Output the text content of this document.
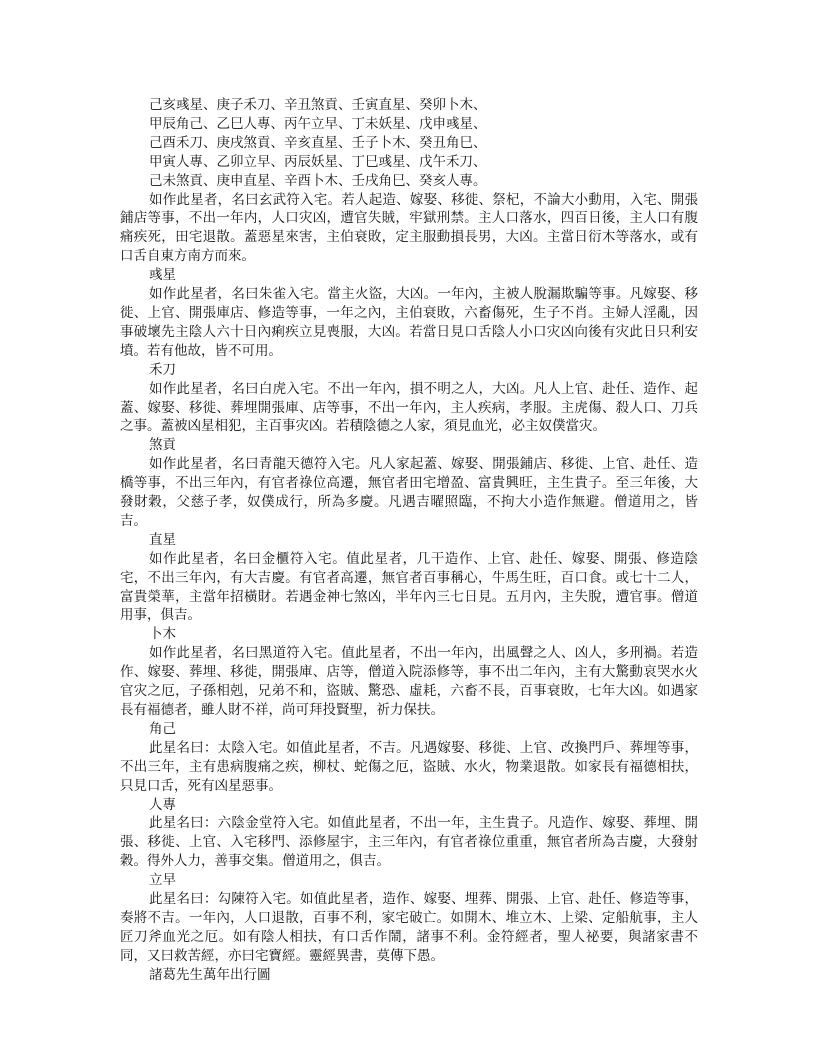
己亥彧星、庚子禾刀、辛丑煞貢、壬寅直星、癸卯卜木、

甲辰角己、乙巳人專、丙午立早、丁未妖星、戊申彧星、

己酉禾刀、庚戌煞貢、辛亥直星、壬子卜木、癸丑角巳、

甲寅人專、乙卯立早、丙辰妖星、丁巳彧星、戊午禾刀、

己未煞貢、庚申直星、辛酉卜木、壬戌角巳、癸亥人專。

如作此星者，名曰玄武符入宅。若人起造、嫁娶、移徙、祭杞，不論大小動用，入宅、開張鋪店等事，不出一年内，人口灾凶，遭官失賊，牢獄刑禁。主人口落水，四百日後，主人口有腹痛疾死，田宅退散。蓋惡星來害，主伯衰敗，定主服動損長男，大凶。主當日衍木等落水，或有口舌自東方南方而來。

彧星

如作此星者，名曰朱雀入宅。當主火盜，大凶。一年內，主被人脫漏欺騙等事。凡嫁娶、移徙、上官、開張庫店、修造等事，一年之內，主伯衰敗，六畜傷死，生子不肖。主婦人淫亂，因事破壞先主陰人六十日內痢疾立見喪服，大凶。若當日見口舌陰人小口灾凶向後有灾此日只利安墳。若有他故，皆不可用。

禾刀

如作此星者，名曰白虎入宅。不出一年內，損不明之人，大凶。凡人上官、赴任、造作、起蓋、嫁娶、移徙、葬埋開張庫、店等事，不出一年內，主人疾病，孝服。主虎傷、殺人口、刀兵之事。蓋被凶星相犯，主百事灾凶。若積陰德之人家，須見血光，必主奴僕當灾。

煞貢

如作此星者，名曰青龍天德符入宅。凡人家起蓋、嫁娶、開張鋪店、移徙、上官、赴任、造橋等事，不出三年內，有官者祿位高遷，無官者田宅增盈、富貴興旺，主生貴子。至三年後，大發財穀，父慈子孝，奴僕成行，所為多慶。凡遇吉曜照臨，不拘大小造作無避。僧道用之，皆吉。

直星

如作此星者，名曰金櫃符入宅。值此星者，几干造作、上官、赴任、嫁娶、開張、修造陰宅，不出三年內，有大吉慶。有官者高遷，無官者百事稱心，牛馬生旺，百口食。或七十二人，富貴榮華，主當年招橫財。若遇金神七煞凶，半年內三七日見。五月內，主失脫，遭官事。僧道用事，俱吉。

卜木

如作此星者，名曰黑道符入宅。值此星者，不出一年內，出風聲之人、凶人，多刑禍。若造作、嫁娶、葬埋、移徙，開張庫、店等，僧道入院添修等，事不出二年內，主有大驚動哀哭水火官灾之厄，子孫相剋，兄弟不和，盜賊、驚恐、虛耗，六畜不長，百事衰敗，七年大凶。如遇家長有福德者，雖人財不祥，尚可拜投賢聖，祈力保扶。

角己

此星名曰：太陰入宅。如值此星者，不吉。凡遇嫁娶、移徙、上官、改換門戶、葬埋等事，不出三年，主有患病腹痛之疾，柳杖、蛇傷之厄，盜賊、水火，物業退散。如家長有福德相扶，只見口舌，死有凶星惡事。

人專

此星名曰：六陰金堂符入宅。如值此星者，不出一年，主生貴子。凡造作、嫁娶、葬埋、開張、移徙、上官、入宅移門、添修屋宇，主三年內，有官者祿位重重，無官者所為吉慶，大發射穀。得外人力，善事交集。僧道用之，俱吉。

立早

此星名曰：勾陳符入宅。如值此星者，造作、嫁娶、埋葬、開張、上官、赴任、修造等事，奏將不吉。一年內，人口退散，百事不利，家宅破亡。如開木、堆立木、上梁、定船航事，主人匠刀斧血光之厄。如有陰人相扶，有口舌作鬧，諸事不利。金符經者，聖人祕要，與諸家書不同，又曰救苦經，亦曰宅寶經。靈經異書，莫傳下愚。

諸葛先生萬年出行圖
